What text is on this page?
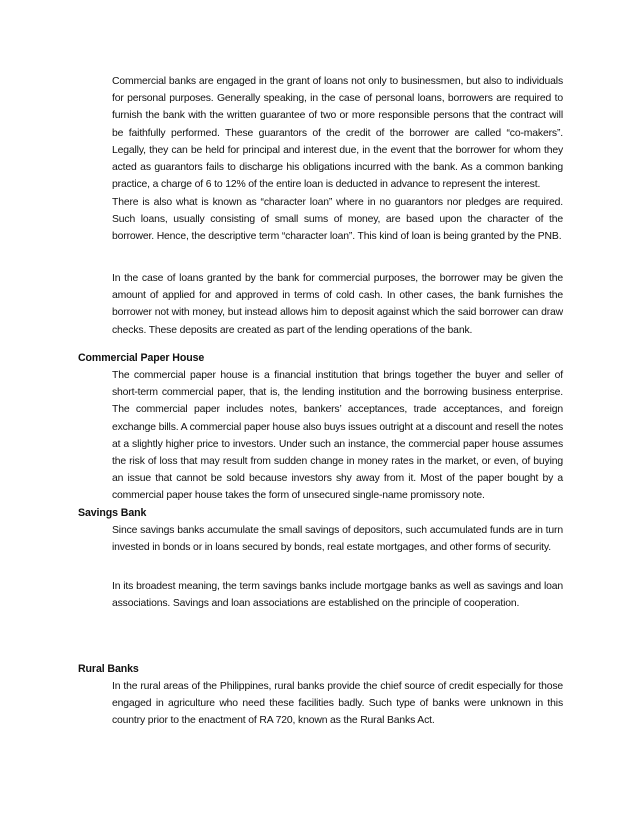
Commercial banks are engaged in the grant of loans not only to businessmen, but also to individuals for personal purposes. Generally speaking, in the case of personal loans, borrowers are required to furnish the bank with the written guarantee of two or more responsible persons that the contract will be faithfully performed. These guarantors of the credit of the borrower are called “co-makers”. Legally, they can be held for principal and interest due, in the event that the borrower for whom they acted as guarantors fails to discharge his obligations incurred with the bank. As a common banking practice, a charge of 6 to 12% of the entire loan is deducted in advance to represent the interest.

There is also what is known as “character loan” where in no guarantors nor pledges are required. Such loans, usually consisting of small sums of money, are based upon the character of the borrower. Hence, the descriptive term “character loan”. This kind of loan is being granted by the PNB.

In the case of loans granted by the bank for commercial purposes, the borrower may be given the amount of applied for and approved in terms of cold cash. In other cases, the bank furnishes the borrower not with money, but instead allows him to deposit against which the said borrower can draw checks. These deposits are created as part of the lending operations of the bank.

Commercial Paper House

The commercial paper house is a financial institution that brings together the buyer and seller of short-term commercial paper, that is, the lending institution and the borrowing business enterprise. The commercial paper includes notes, bankers’ acceptances, trade acceptances, and foreign exchange bills. A commercial paper house also buys issues outright at a discount and resell the notes at a slightly higher price to investors. Under such an instance, the commercial paper house assumes the risk of loss that may result from sudden change in money rates in the market, or even, of buying an issue that cannot be sold because investors shy away from it. Most of the paper bought by a commercial paper house takes the form of unsecured single-name promissory note.

Savings Bank

Since savings banks accumulate the small savings of depositors, such accumulated funds are in turn invested in bonds or in loans secured by bonds, real estate mortgages, and other forms of security.

In its broadest meaning, the term savings banks include mortgage banks as well as savings and loan associations. Savings and loan associations are established on the principle of cooperation.

Rural Banks

In the rural areas of the Philippines, rural banks provide the chief source of credit especially for those engaged in agriculture who need these facilities badly. Such type of banks were unknown in this country prior to the enactment of RA 720, known as the Rural Banks Act.
